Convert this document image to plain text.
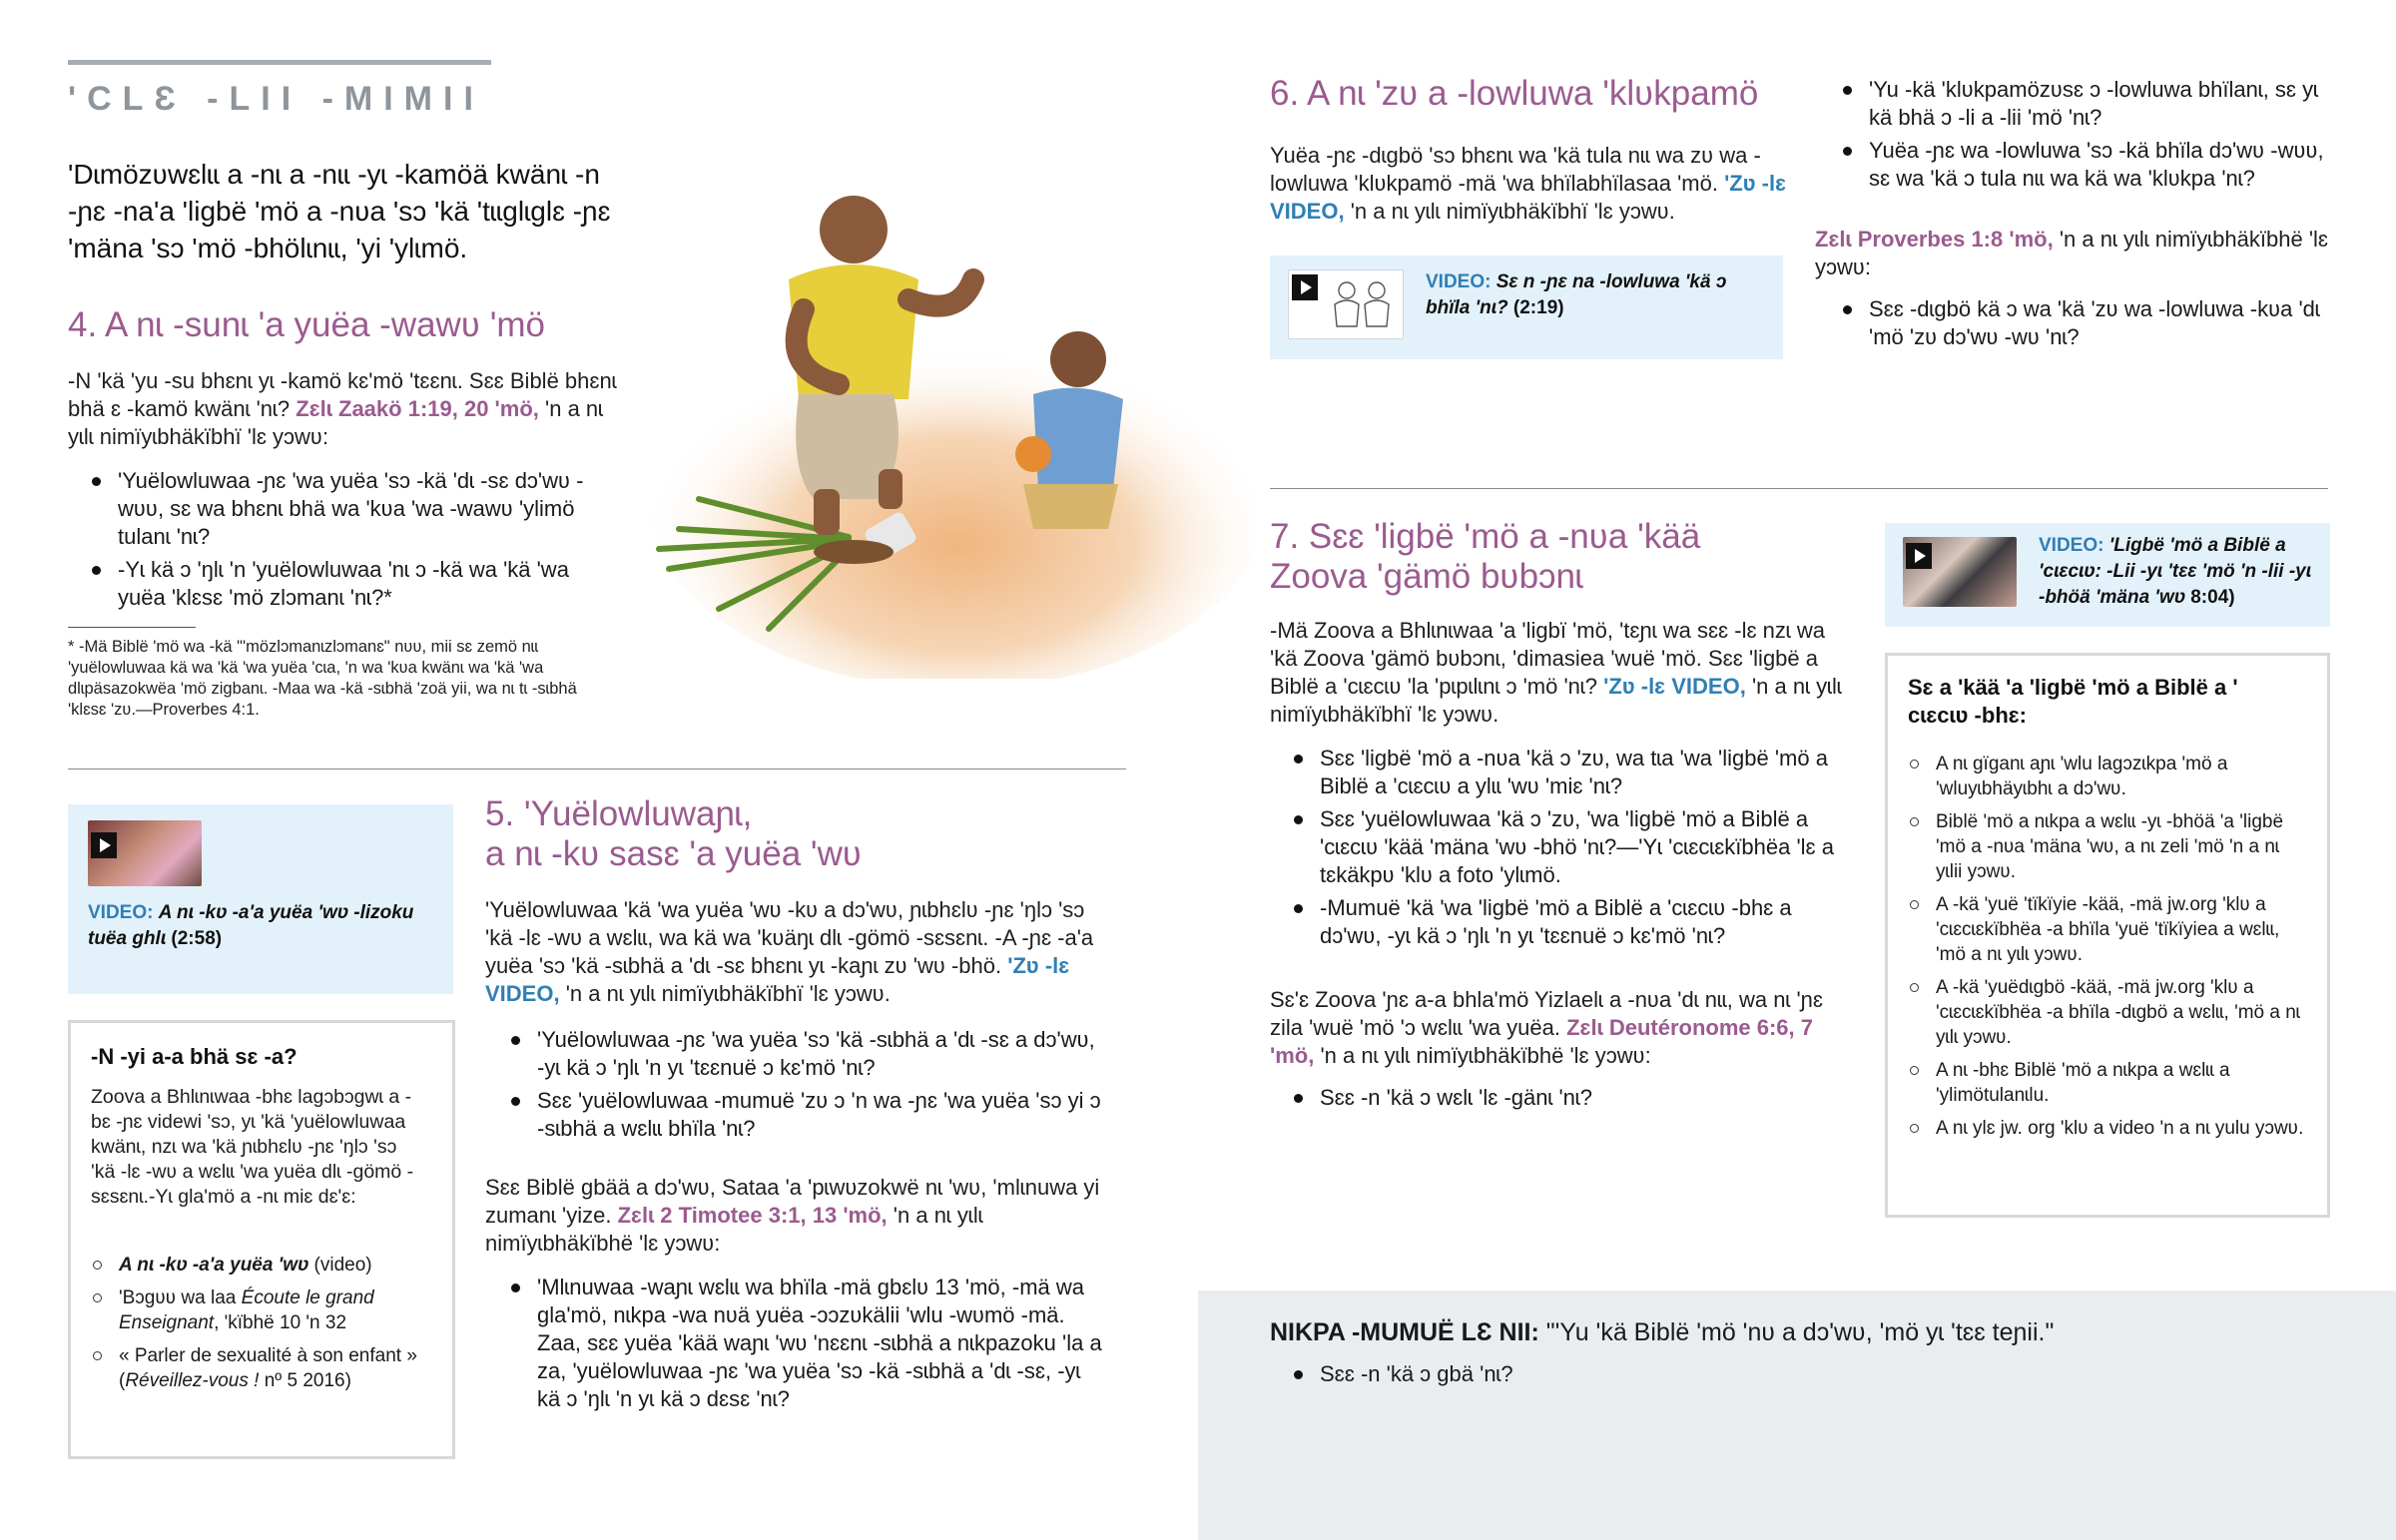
'CLƐ -LII -MIMII

'Dɩmözʋwɛlɩɩ a -nɩ a -nɩɩ -yɩ -kamöä kwänɩ -n -ɲɛ -na'a 'ligbë 'mö a -nʋa 'sɔ 'kä 'tɩɩglɩglɛ -ɲɛ 'mäna 'sɔ 'mö -bhölɩnɩɩ, 'yi 'ylɩmö.

4. A nɩ -sunɩ 'a yuëa -wawʋ 'mö
-N 'kä 'yu -su bhɛnɩ yɩ -kamö kɛ'mö 'tɛɛnɩ. Sɛɛ Biblë bhɛnɩ bhä ɛ -kamö kwänɩ 'nɩ? Zɛlɩ Zaakö 1:19, 20 'mö, 'n a nɩ yɩlɩ nimïyɩbhäkïbhï 'lɛ yɔwʋ:
'Yuëlowluwaa -ɲɛ 'wa yuëa 'sɔ -kä 'dɩ -sɛ dɔ'wʋ -wʋʋ, sɛ wa bhɛnɩ bhä wa 'kʋa 'wa -wawʋ 'ylimö tulanɩ 'nɩ?
-Yɩ kä ɔ 'ŋlɩ 'n 'yuëlowluwaa 'nɩ ɔ -kä wa 'kä 'wa yuëa 'klɛsɛ 'mö zlɔmanɩ 'nɩ?*

* -Mä Biblë 'mö wa -kä "'mözlɔmanɩzlɔmanɛ" nʋʋ, mii sɛ zemö nɩɩ 'yuëlowluwaa kä wa 'kä 'wa yuëa 'cɩa, 'n wa 'kʋa kwänɩ wa 'kä 'wa dlɩpäsazokwëa 'mö zigbanɩ. -Maa wa -kä -sɩbhä 'zoä yii, wa nɩ tɩ -sɩbhä 'klɛsɛ 'zʋ.—Proverbes 4:1.

VIDEO: A nɩ -kʋ -a'a yuëa 'wʋ -lizoku tuëa ghlɩ (2:58)
-N -yi a-a bhä sɛ -a?

Zoova a Bhlɩnɩwaa -bhɛ lagɔbɔgwɩ a -bɛ -ɲɛ videwi 'sɔ, yɩ 'kä 'yuëlowluwaa kwänɩ, nzɩ wa 'kä ɲɩbhɛlʋ -ɲɛ 'ŋlɔ 'sɔ 'kä -lɛ -wʋ a wɛlɩɩ 'wa yuëa dlɩ -gömö -sɛsɛnɩ.-Yɩ gla'mö a -nɩ miɛ dɛ'ɛ:

A nɩ -kʋ -a'a yuëa 'wʋ (video)
'Bɔgʋʋ wa laa Écoute le grand Enseignant, 'kïbhë 10 'n 32
« Parler de sexualité à son enfant » (Réveillez-vous ! nº 5 2016)
5. 'Yuëlowluwaɲɩ,
a nɩ -kʋ sasɛ 'a yuëa 'wʋ
'Yuëlowluwaa 'kä 'wa yuëa 'wʋ -kʋ a dɔ'wʋ, ɲɩbhɛlʋ -ɲɛ 'ŋlɔ 'sɔ 'kä -lɛ -wʋ a wɛlɩɩ, wa kä wa 'kʋäŋɩ dlɩ -gömö -sɛsɛnɩ. -A -ɲɛ -a'a yuëa 'sɔ 'kä -sɩbhä a 'dɩ -sɛ bhɛnɩ yɩ -kaɲɩ zʋ 'wʋ -bhö. 'Zʋ -lɛ VIDEO, 'n a nɩ yɩlɩ nimïyɩbhäkïbhï 'lɛ yɔwʋ.
'Yuëlowluwaa -ɲɛ 'wa yuëa 'sɔ 'kä -sɩbhä a 'dɩ -sɛ a dɔ'wʋ, -yɩ kä ɔ 'ŋlɩ 'n yɩ 'tɛɛnuë ɔ kɛ'mö 'nɩ?
Sɛɛ 'yuëlowluwaa -mumuë 'zʋ ɔ 'n wa -ɲɛ 'wa yuëa 'sɔ yi ɔ -sɩbhä a wɛlɩɩ bhïla 'nɩ?
Sɛɛ Biblë gbää a dɔ'wʋ, Sataa 'a 'pɩwʋzokwë nɩ 'wʋ, 'mlɩnuwa yi zumanɩ 'yize. Zɛlɩ 2 Timotee 3:1, 13 'mö, 'n a nɩ yɩlɩ nimïyɩbhäkïbhë 'lɛ yɔwʋ:
'Mlɩnuwaa -waɲɩ wɛlɩɩ wa bhïla -mä gbɛlʋ 13 'mö, -mä wa gla'mö, nɩkpa -wa nʋä yuëa -ɔɔzʋkälii 'wlu -wʋmö -mä. Zaa, sɛɛ yuëa 'kää waɲɩ 'wʋ 'nɛɛnɩ -sɩbhä a nɩkpazoku 'la a za, 'yuëlowluwaa -ɲɛ 'wa yuëa 'sɔ -kä -sɩbhä a 'dɩ -sɛ, -yɩ kä ɔ 'ŋlɩ 'n yɩ kä ɔ dɛsɛ 'nɩ?
6. A nɩ 'zʋ a -lowluwa 'klʋkpamö
Yuëa -ɲɛ -dɩgbö 'sɔ bhɛnɩ wa 'kä tula nɩɩ wa zʋ wa -lowluwa 'klʋkpamö -mä 'wa bhïlabhïlasaa 'mö. 'Zʋ -lɛ VIDEO, 'n a nɩ yɩlɩ nimïyɩbhäkïbhï 'lɛ yɔwʋ.
VIDEO: Sɛ n -ɲɛ na -lowluwa 'kä ɔ bhïla 'nɩ? (2:19)
'Yu -kä 'klʋkpamözʋsɛ ɔ -lowluwa bhïlanɩ, sɛ yɩ kä bhä ɔ -li a -lii 'mö 'nɩ?
Yuëa -ɲɛ wa -lowluwa 'sɔ -kä bhïla dɔ'wʋ -wʋʋ, sɛ wa 'kä ɔ tula nɩɩ wa kä wa 'klʋkpa 'nɩ?
Zɛlɩ Proverbes 1:8 'mö, 'n a nɩ yɩlɩ nimïyɩbhäkïbhë 'lɛ yɔwʋ:
Sɛɛ -dɩgbö kä ɔ wa 'kä 'zʋ wa -lowluwa -kʋa 'dɩ 'mö 'zʋ dɔ'wʋ -wʋ 'nɩ?
7. Sɛɛ 'ligbë 'mö a -nʋa 'kää
Zoova 'gämö bʋbɔnɩ
-Mä Zoova a Bhlɩnɩwaa 'a 'ligbï 'mö, 'tɛɲɩ wa sɛɛ -lɛ nzɩ wa 'kä Zoova 'gämö bʋbɔnɩ, 'dimasiea 'wuë 'mö. Sɛɛ 'ligbë a Biblë a 'cɩɛcɩʋ 'la 'pɩpɩlɩnɩ ɔ 'mö 'nɩ? 'Zʋ -lɛ VIDEO, 'n a nɩ yɩlɩ nimïyɩbhäkïbhï 'lɛ yɔwʋ.
Sɛɛ 'ligbë 'mö a -nʋa 'kä ɔ 'zʋ, wa tɩa 'wa 'ligbë 'mö a Biblë a 'cɩɛcɩʋ a ylɩɩ 'wʋ 'miɛ 'nɩ?
Sɛɛ 'yuëlowluwaa 'kä ɔ 'zʋ, 'wa 'ligbë 'mö a Biblë a 'cɩɛcɩʋ 'kää 'mäna 'wʋ -bhö 'nɩ?—'Yɩ 'cɩɛcɩɛkïbhëa 'lɛ a tɛkäkpʋ 'klʋ a foto 'ylɩmö.
-Mumuë 'kä 'wa 'ligbë 'mö a Biblë a 'cɩɛcɩʋ -bhɛ a dɔ'wʋ, -yɩ kä ɔ 'ŋlɩ 'n yɩ 'tɛɛnuë ɔ kɛ'mö 'nɩ?
Sɛ'ɛ Zoova 'ɲɛ a-a bhla'mö Yizlaelɩ a -nʋa 'dɩ nɩɩ, wa nɩ 'ɲɛ zila 'wuë 'mö 'ɔ wɛlɩɩ 'wa yuëa. Zɛlɩ Deutéronome 6:6, 7 'mö, 'n a nɩ yɩlɩ nimïyɩbhäkïbhë 'lɛ yɔwʋ:
Sɛɛ -n 'kä ɔ wɛlɩ 'lɛ -gänɩ 'nɩ?
VIDEO: 'Ligbë 'mö a Biblë a 'cɩɛcɩʋ: -Lii -yɩ 'tɛɛ 'mö 'n -lii -yɩ -bhöä 'mäna 'wʋ 8:04)
Sɛ a 'kää 'a 'ligbë 'mö a Biblë a ' cɩɛcɩʋ -bhɛ:
A nɩ gïganɩ aɲɩ 'wlu lagɔzɩkpa 'mö a 'wluyɩbhäyɩbhɩ a dɔ'wʋ.
Biblë 'mö a nɩkpa a wɛlɩɩ -yɩ -bhöä 'a 'ligbë 'mö a -nʋa 'mäna 'wʋ, a nɩ zeli 'mö 'n a nɩ yɩlii yɔwʋ.
A -kä 'yuë 'tïkïyie -kää, -mä jw.org 'klʋ a 'cɩɛcɩɛkïbhëa -a bhïla 'yuë 'tïkïyiea a wɛlɩɩ, 'mö a nɩ yɩlɩ yɔwʋ.
A -kä 'yuëdɩgbö -kää, -mä jw.org 'klʋ a 'cɩɛcɩɛkïbhëa -a bhïla -dɩgbö a wɛlɩɩ, 'mö a nɩ yɩlɩ yɔwʋ.
A nɩ -bhɛ Biblë 'mö a nɩkpa a wɛlɩɩ a 'ylimötulanɩlu.
A nɩ ylɛ jw. org 'klʋ a video 'n a nɩ yulu yɔwʋ.
NƖKPA -MUMUË LƐ NƖƖ: "'Yu 'kä Biblë 'mö 'nʋ a dɔ'wʋ, 'mö yɩ 'tɛɛ teɲii."
Sɛɛ -n 'kä ɔ gbä 'nɩ?
